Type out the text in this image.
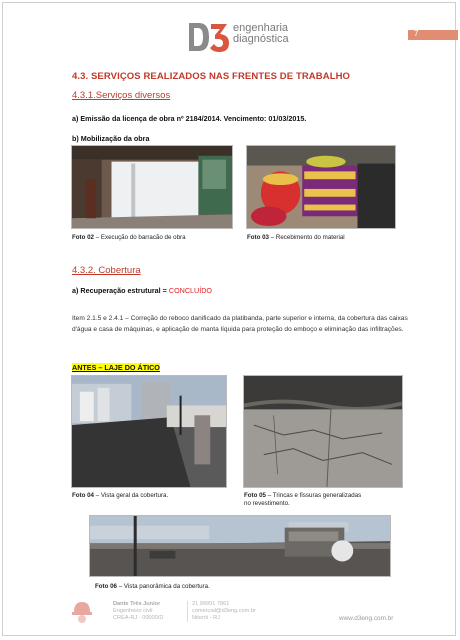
engenharia
diagnóstica	7
4.3. SERVIÇOS REALIZADOS NAS FRENTES DE TRABALHO
4.3.1.Serviços diversos
a) Emissão da licença de obra nº 2184/2014. Vencimento: 01/03/2015.
b) Mobilização da obra
Foto 02 – Execução do barracão de obra	Foto 03 – Recebimento do material
4.3.2. Cobertura
a) Recuperação estrutural = CONCLUÍDO
Item 2.1.5 e 2.4.1 – Correção do reboco danificado da platibanda, parte superior e interna, da cobertura das caixas d'água e casa de máquinas, e aplicação de manta líquida para proteção do emboço e eliminação das infiltrações.
ANTES – LAJE DO ÁTICO
Foto 04 – Vista geral da cobertura.	Foto 05 – Trincas e fissuras generalizadas
no revestimento.
Foto 06 – Vista panorâmica da cobertura.
Dante Três Junior
Engenheiro civil
CREA-RJ - 00000/D
21 99991 7861
comercial@d3eng.com.br
Niterói - RJ	www.d3eng.com.br
